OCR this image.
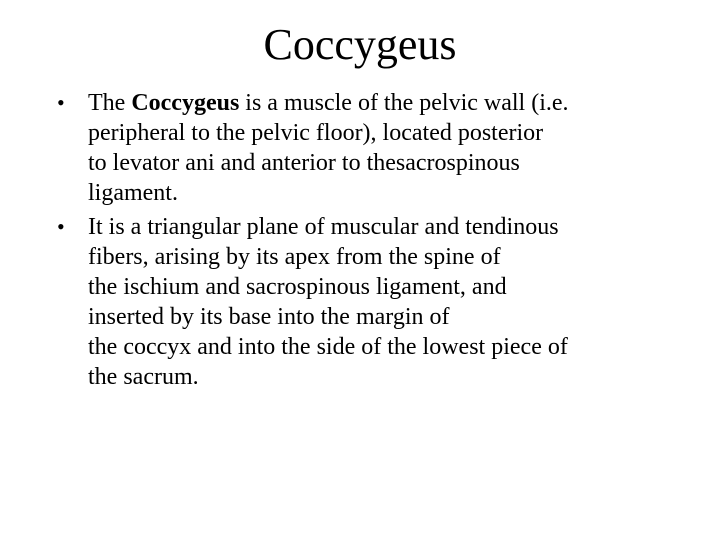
Coccygeus
• The Coccygeus is a muscle of the pelvic wall (i.e.
peripheral to the pelvic floor), located posterior
to levator ani and anterior to thesacrospinous
ligament.
• It is a triangular plane of muscular and tendinous
fibers, arising by its apex from the spine of
the ischium and sacrospinous ligament, and
inserted by its base into the margin of
the coccyx and into the side of the lowest piece of
the sacrum.
